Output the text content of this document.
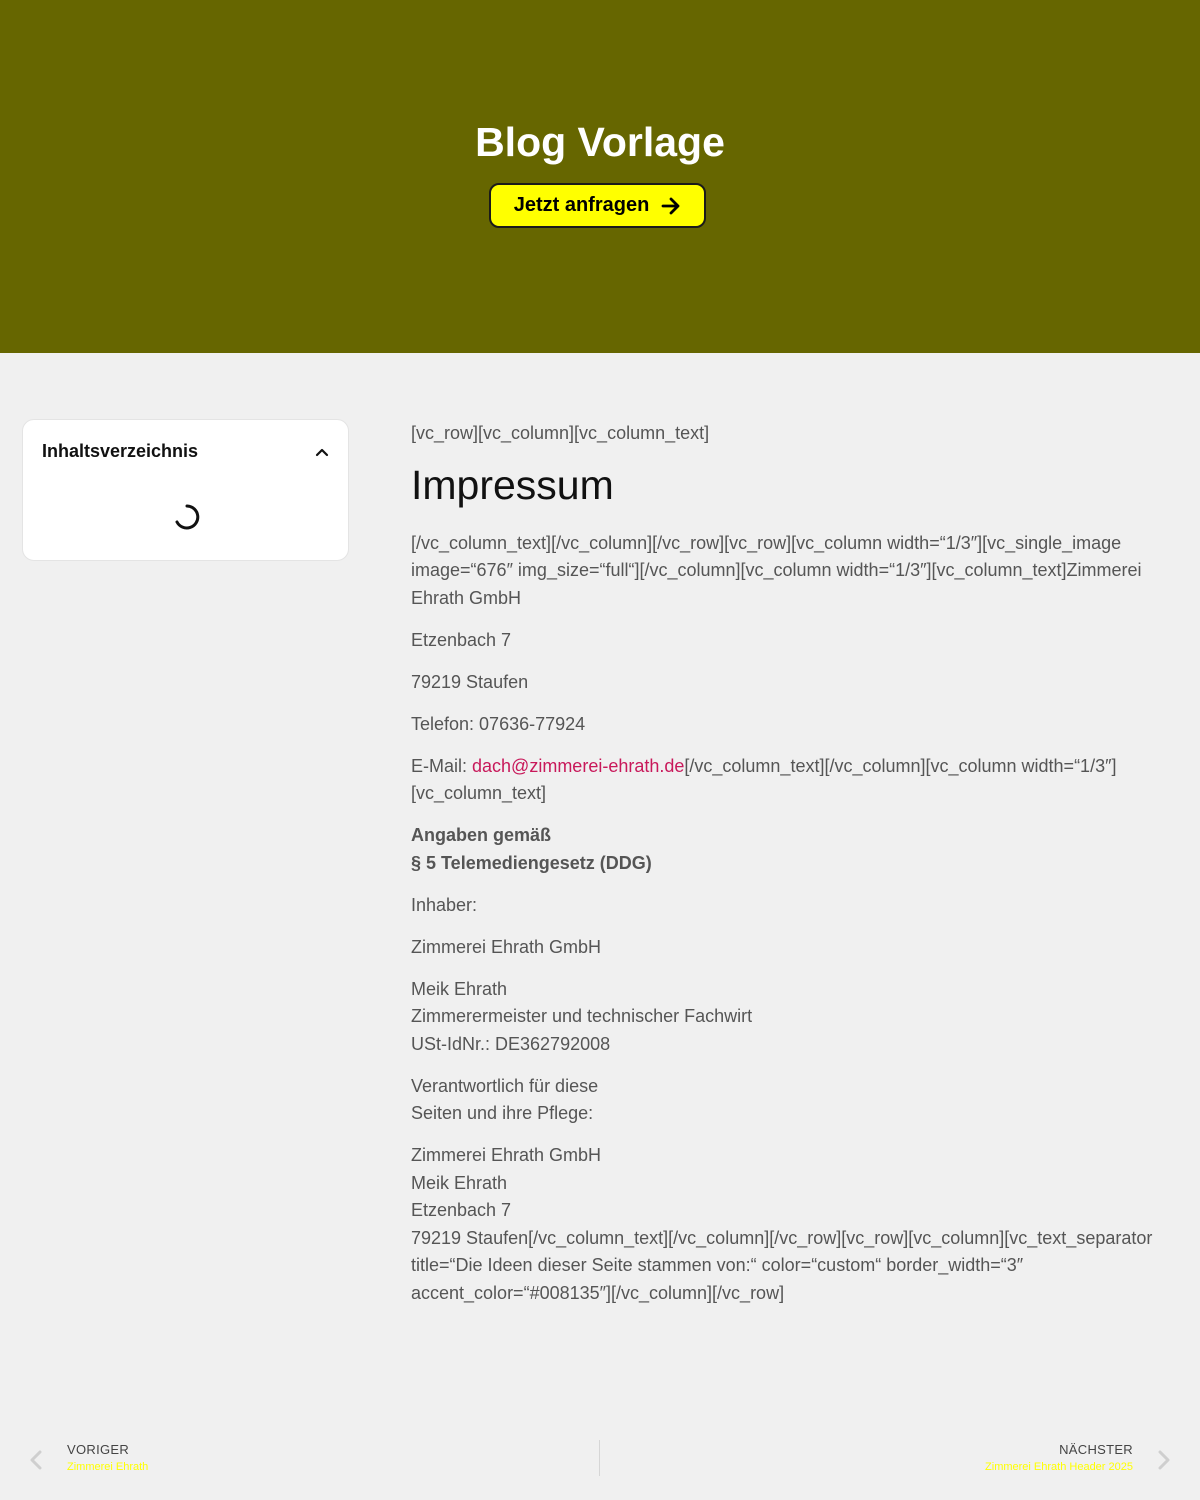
Blog Vorlage
Jetzt anfragen
Inhaltsverzeichnis

[vc_row][vc_column][vc_column_text]

Impressum

[/vc_column_text][/vc_column][/vc_row][vc_row][vc_column width=“1/3″][vc_single_image image=“676″ img_size=“full“][/vc_column][vc_column width=“1/3″][vc_column_text]Zimmerei Ehrath GmbH

Etzenbach 7

79219 Staufen

Telefon: 07636-77924

E-Mail: dach@zimmerei-ehrath.de[/vc_column_text][/vc_column][vc_column width=“1/3″][vc_column_text]

Angaben gemäß
§ 5 Telemediengesetz (DDG)

Inhaber:

Zimmerei Ehrath GmbH

Meik Ehrath
Zimmerermeister und technischer Fachwirt
USt-IdNr.: DE362792008

Verantwortlich für diese
Seiten und ihre Pflege:

Zimmerei Ehrath GmbH
Meik Ehrath
Etzenbach 7
79219 Staufen[/vc_column_text][/vc_column][/vc_row][vc_row][vc_column][vc_text_separator title=“Die Ideen dieser Seite stammen von:“ color=“custom“ border_width=“3″ accent_color=“#008135″][/vc_column][/vc_row]

VORIGER
Zimmerei Ehrath
NÄCHSTER
Zimmerei Ehrath Header 2025
